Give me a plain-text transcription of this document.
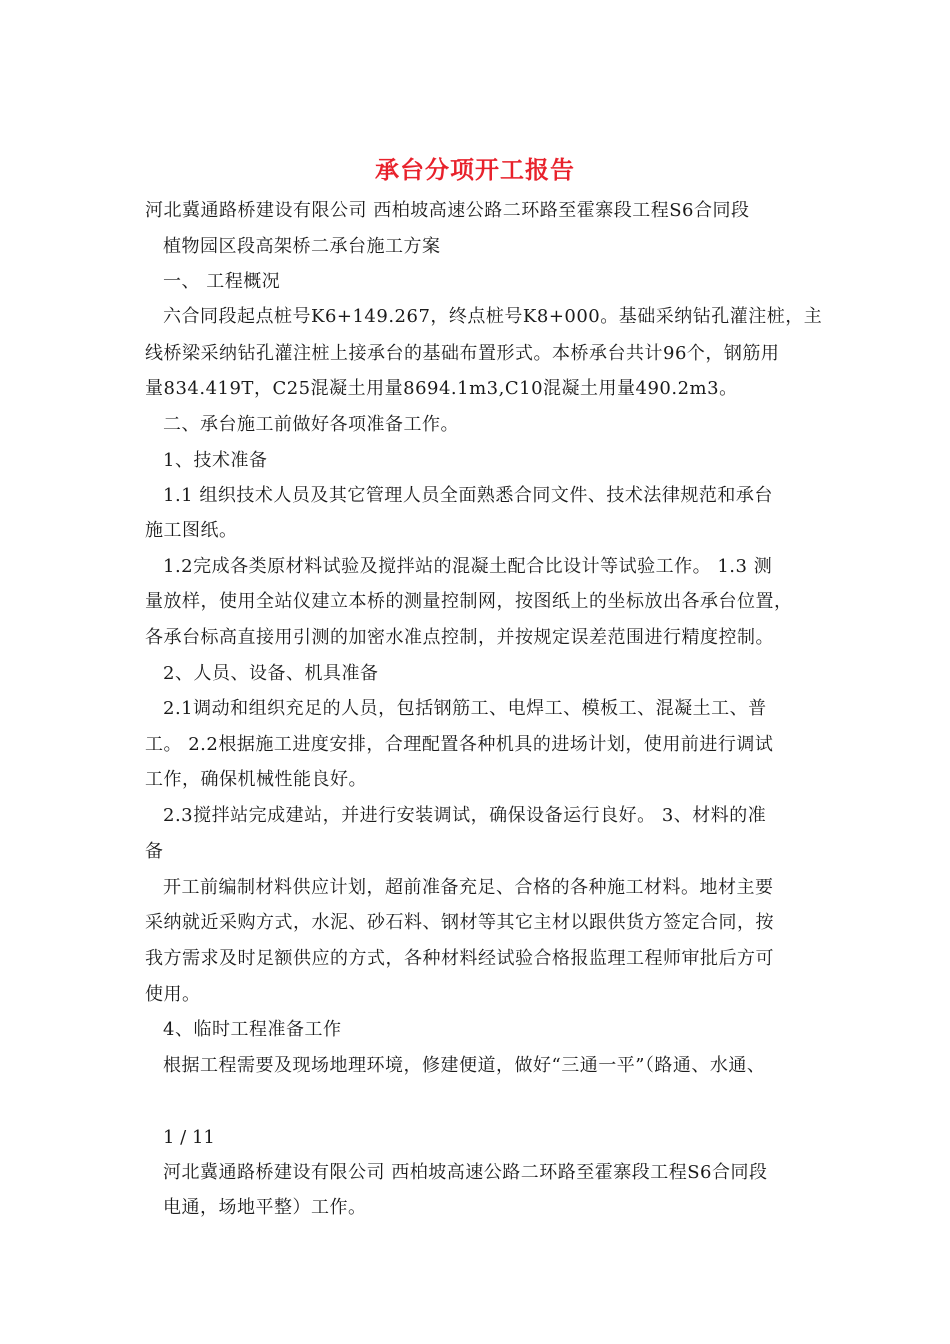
承台分项开工报告
河北冀通路桥建设有限公司 西柏坡高速公路二环路至霍寨段工程S6合同段
植物园区段高架桥二承台施工方案
一、 工程概况
六合同段起点桩号K6+149.267，终点桩号K8+000。基础采纳钻孔灌注桩，主
线桥梁采纳钻孔灌注桩上接承台的基础布置形式。本桥承台共计96个，钢筋用
量834.419T，C25混凝土用量8694.1m3,C10混凝土用量490.2m3。
二、承台施工前做好各项准备工作。
1、技术准备
1.1 组织技术人员及其它管理人员全面熟悉合同文件、技术法律规范和承台
施工图纸。
1.2完成各类原材料试验及搅拌站的混凝土配合比设计等试验工作。 1.3 测
量放样，使用全站仪建立本桥的测量控制网，按图纸上的坐标放出各承台位置，
各承台标高直接用引测的加密水准点控制，并按规定误差范围进行精度控制。
2、人员、设备、机具准备
2.1调动和组织充足的人员，包括钢筋工、电焊工、模板工、混凝土工、普
工。 2.2根据施工进度安排，合理配置各种机具的进场计划，使用前进行调试
工作，确保机械性能良好。
2.3搅拌站完成建站，并进行安装调试，确保设备运行良好。 3、材料的准
备
开工前编制材料供应计划，超前准备充足、合格的各种施工材料。地材主要
采纳就近采购方式，水泥、砂石料、钢材等其它主材以跟供货方签定合同，按
我方需求及时足额供应的方式，各种材料经试验合格报监理工程师审批后方可
使用。
4、临时工程准备工作
根据工程需要及现场地理环境，修建便道，做好“三通一平”（路通、水通、
1 / 11
河北冀通路桥建设有限公司 西柏坡高速公路二环路至霍寨段工程S6合同段
电通，场地平整）工作。
